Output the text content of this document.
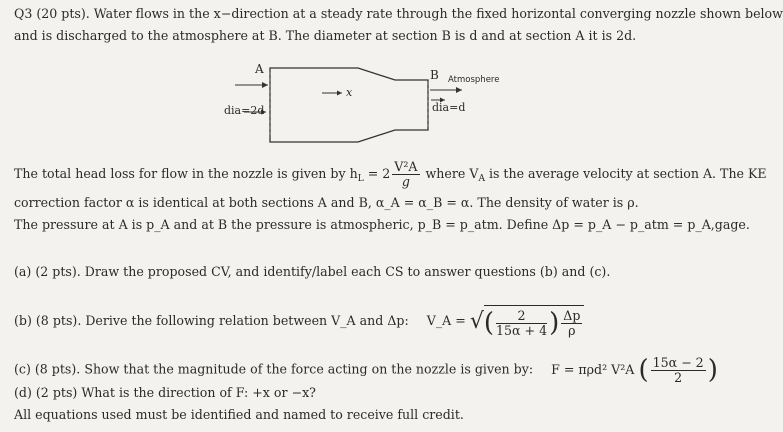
Q3 (20 pts). Water flows in the x−direction at a steady rate through the fixed horizontal converging nozzle shown below
and is discharged to the atmosphere at B. The diameter at section B is d and at section A it is 2d.
A	B Atmosphere
x
dia=2d	dia=d
The total head loss for flow in the nozzle is given by $h_L = 2 \frac{\text{V²A}}{g}$ where $V_A$ is the average velocity at section A. The KE
correction factor α is identical at both sections A and B, α_A = α_B = α. The density of water is ρ.
The pressure at A is p_A and at B the pressure is atmospheric, p_B = p_atm. Define Δp = p_A − p_atm = p_A,gage.
(a) (2 pts). Draw the proposed CV, and identify/label each CS to answer questions (b) and (c).
(b) (8 pts). Derive the following relation between V_A and Δp: V_A = √( $\frac{2}{15\alpha + 4}$ ) $\frac{\Delta p}{\rho}$
(c) (8 pts). Show that the magnitude of the force acting on the nozzle is given by: F = πρd² V²A ( $\frac{15\alpha - 2}{2}$ )
(d) (2 pts) What is the direction of F: +x or −x?
All equations used must be identified and named to receive full credit.
